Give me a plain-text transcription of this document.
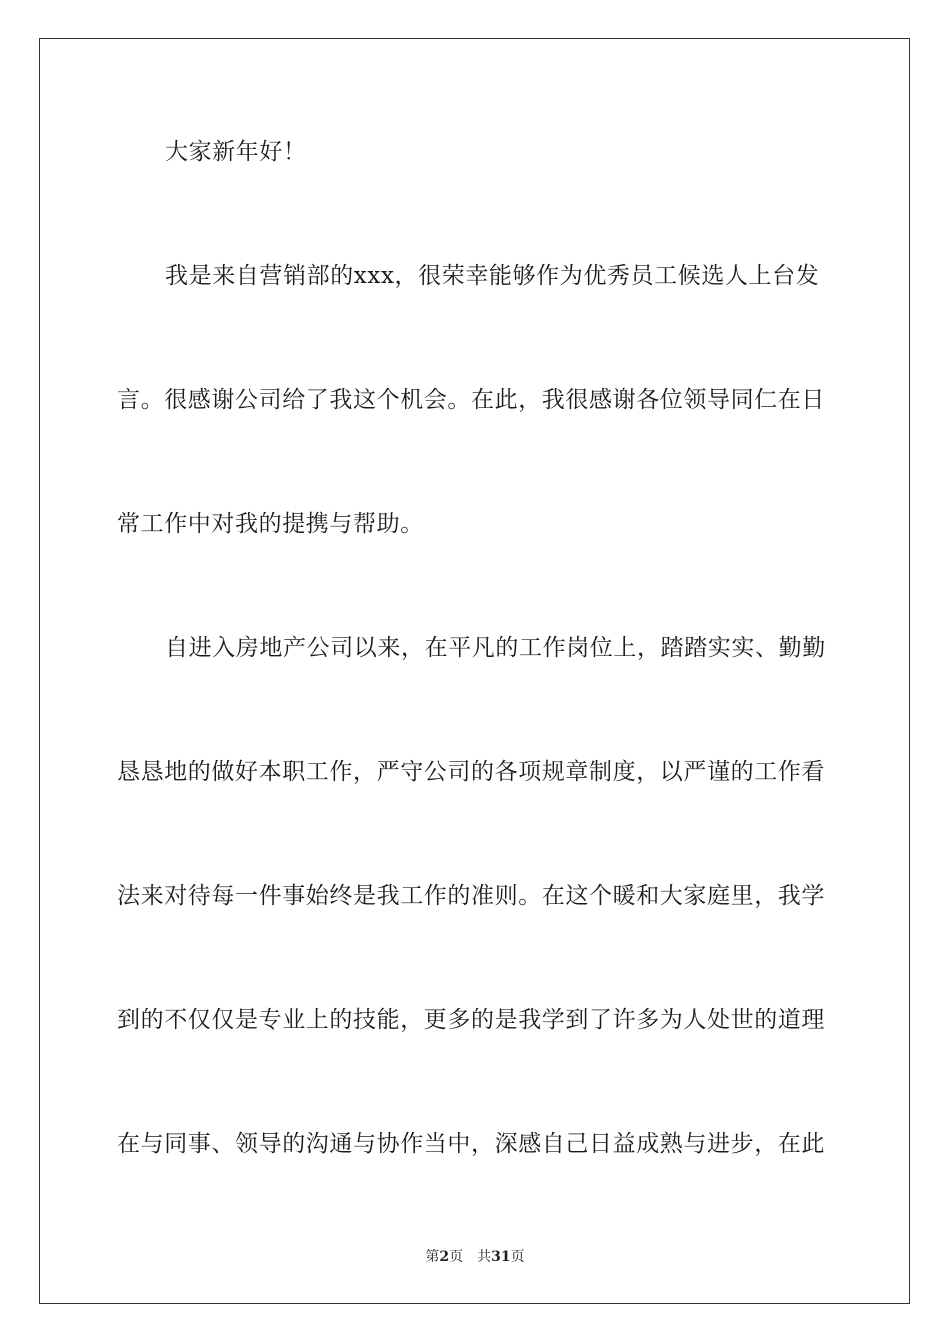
大家新年好！
我是来自营销部的xxx，很荣幸能够作为优秀员工候选人上台发
言。很感谢公司给了我这个机会。在此，我很感谢各位领导同仁在日
常工作中对我的提携与帮助。
自进入房地产公司以来，在平凡的工作岗位上，踏踏实实、勤勤
恳恳地的做好本职工作，严守公司的各项规章制度，以严谨的工作看
法来对待每一件事始终是我工作的准则。在这个暖和大家庭里，我学
到的不仅仅是专业上的技能，更多的是我学到了许多为人处世的道理
在与同事、领导的沟通与协作当中，深感自己日益成熟与进步，在此
第2页 共31页
